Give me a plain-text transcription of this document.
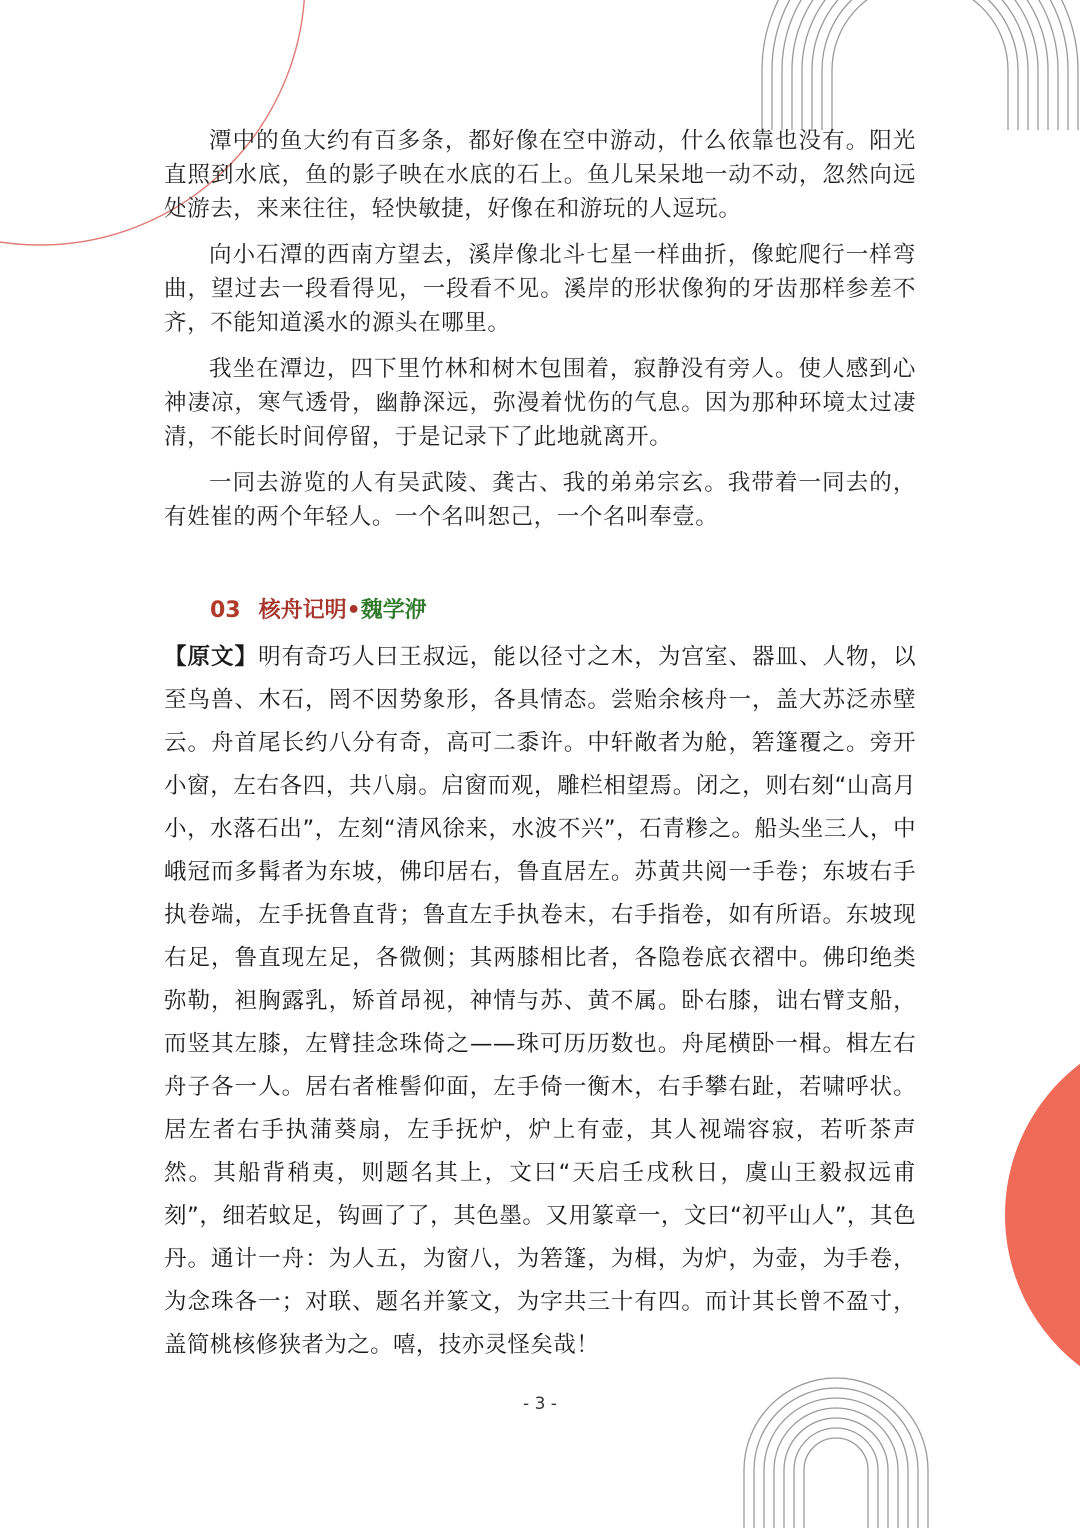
潭中的鱼大约有百多条，都好像在空中游动，什么依靠也没有。阳光直照到水底，鱼的影子映在水底的石上。鱼儿呆呆地一动不动，忽然向远处游去，来来往往，轻快敏捷，好像在和游玩的人逗玩。

向小石潭的西南方望去，溪岸像北斗七星一样曲折，像蛇爬行一样弯曲，望过去一段看得见，一段看不见。溪岸的形状像狗的牙齿那样参差不齐，不能知道溪水的源头在哪里。

我坐在潭边，四下里竹林和树木包围着，寂静没有旁人。使人感到心神凄凉，寒气透骨，幽静深远，弥漫着忧伤的气息。因为那种环境太过凄清，不能长时间停留，于是记录下了此地就离开。

一同去游览的人有吴武陵、龚古、我的弟弟宗玄。我带着一同去的，有姓崔的两个年轻人。一个名叫恕己，一个名叫奉壹。

03 核舟记明•魏学洢
【原文】明有奇巧人曰王叔远，能以径寸之木，为宫室、器皿、人物，以至鸟兽、木石，罔不因势象形，各具情态。尝贻余核舟一，盖大苏泛赤壁云。舟首尾长约八分有奇，高可二黍许。中轩敞者为舱，箬篷覆之。旁开小窗，左右各四，共八扇。启窗而观，雕栏相望焉。闭之，则右刻“山高月小，水落石出”，左刻“清风徐来，水波不兴”，石青糁之。船头坐三人，中峨冠而多髯者为东坡，佛印居右，鲁直居左。苏黄共阅一手卷；东坡右手执卷端，左手抚鲁直背；鲁直左手执卷末，右手指卷，如有所语。东坡现右足，鲁直现左足，各微侧；其两膝相比者，各隐卷底衣褶中。佛印绝类弥勒，袒胸露乳，矫首昂视，神情与苏、黄不属。卧右膝，诎右臂支船，而竖其左膝，左臂挂念珠倚之——珠可历历数也。舟尾横卧一楫。楫左右舟子各一人。居右者椎髻仰面，左手倚一衡木，右手攀右趾，若啸呼状。居左者右手执蒲葵扇，左手抚炉，炉上有壶，其人视端容寂，若听茶声然。其船背稍夷，则题名其上，文曰“天启壬戌秋日，虞山王毅叔远甫刻”，细若蚊足，钩画了了，其色墨。又用篆章一，文曰“初平山人”，其色丹。通计一舟：为人五，为窗八，为箬篷，为楫，为炉，为壶，为手卷，为念珠各一；对联、题名并篆文，为字共三十有四。而计其长曾不盈寸，盖简桃核修狭者为之。嘻，技亦灵怪矣哉！
- 3 -
